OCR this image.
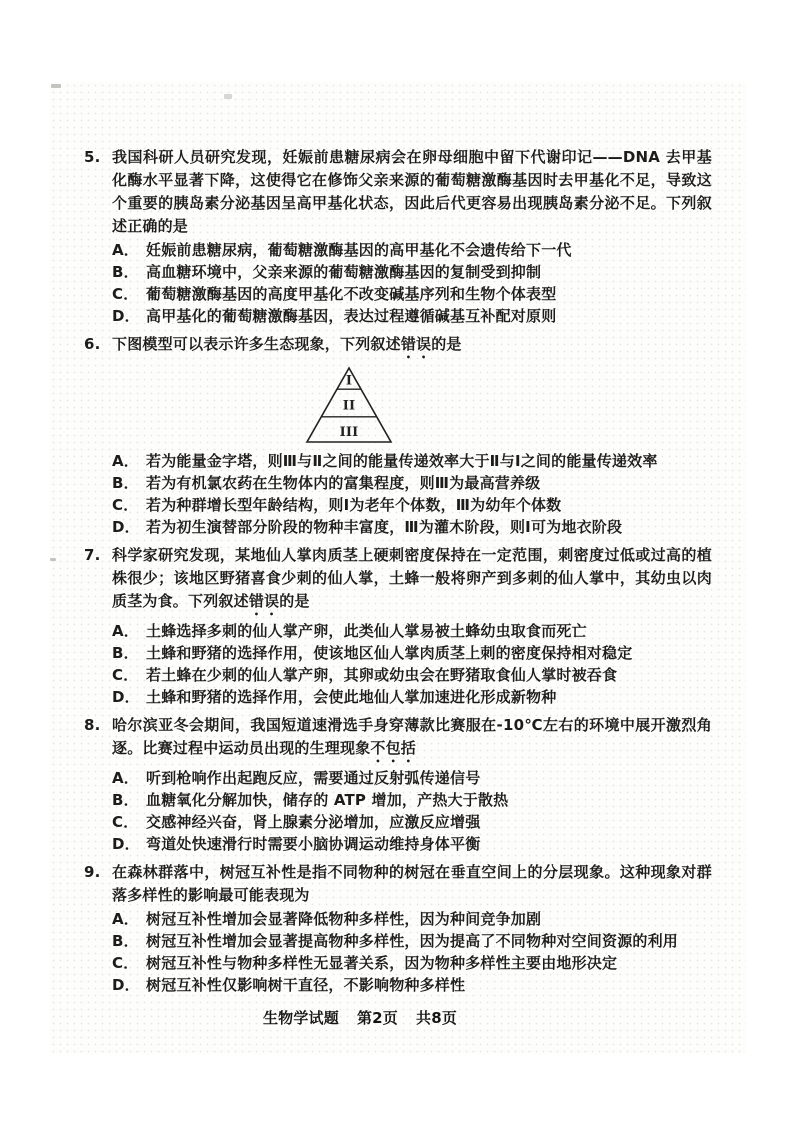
5. 我国科研人员研究发现，妊娠前患糖尿病会在卵母细胞中留下代谢印记——DNA 去甲基化酶水平显著下降，这使得它在修饰父亲来源的葡萄糖激酶基因时去甲基化不足，导致这个重要的胰岛素分泌基因呈高甲基化状态，因此后代更容易出现胰岛素分泌不足。下列叙述正确的是
A． 妊娠前患糖尿病，葡萄糖激酶基因的高甲基化不会遗传给下一代
B． 高血糖环境中，父亲来源的葡萄糖激酶基因的复制受到抑制
C． 葡萄糖激酶基因的高度甲基化不改变碱基序列和生物个体表型
D． 高甲基化的葡萄糖激酶基因，表达过程遵循碱基互补配对原则
6. 下图模型可以表示许多生态现象，下列叙述错误的是
I
II
III
A． 若为能量金字塔，则Ⅲ与Ⅱ之间的能量传递效率大于Ⅱ与Ⅰ之间的能量传递效率
B． 若为有机氯农药在生物体内的富集程度，则Ⅲ为最高营养级
C． 若为种群增长型年龄结构，则Ⅰ为老年个体数，Ⅲ为幼年个体数
D． 若为初生演替部分阶段的物种丰富度，Ⅲ为灌木阶段，则Ⅰ可为地衣阶段
7. 科学家研究发现，某地仙人掌肉质茎上硬刺密度保持在一定范围，刺密度过低或过高的植株很少；该地区野猪喜食少刺的仙人掌，土蜂一般将卵产到多刺的仙人掌中，其幼虫以肉质茎为食。下列叙述错误的是
A． 土蜂选择多刺的仙人掌产卵，此类仙人掌易被土蜂幼虫取食而死亡
B． 土蜂和野猪的选择作用，使该地区仙人掌肉质茎上刺的密度保持相对稳定
C． 若土蜂在少刺的仙人掌产卵，其卵或幼虫会在野猪取食仙人掌时被吞食
D． 土蜂和野猪的选择作用，会使此地仙人掌加速进化形成新物种
8. 哈尔滨亚冬会期间，我国短道速滑选手身穿薄款比赛服在-10℃左右的环境中展开激烈角逐。比赛过程中运动员出现的生理现象不包括
A． 听到枪响作出起跑反应，需要通过反射弧传递信号
B． 血糖氧化分解加快，储存的 ATP 增加，产热大于散热
C． 交感神经兴奋，肾上腺素分泌增加，应激反应增强
D． 弯道处快速滑行时需要小脑协调运动维持身体平衡
9. 在森林群落中，树冠互补性是指不同物种的树冠在垂直空间上的分层现象。这种现象对群落多样性的影响最可能表现为
A． 树冠互补性增加会显著降低物种多样性，因为种间竞争加剧
B． 树冠互补性增加会显著提高物种多样性，因为提高了不同物种对空间资源的利用
C． 树冠互补性与物种多样性无显著关系，因为物种多样性主要由地形决定
D． 树冠互补性仅影响树干直径，不影响物种多样性
生物学试题 第2页 共8页
